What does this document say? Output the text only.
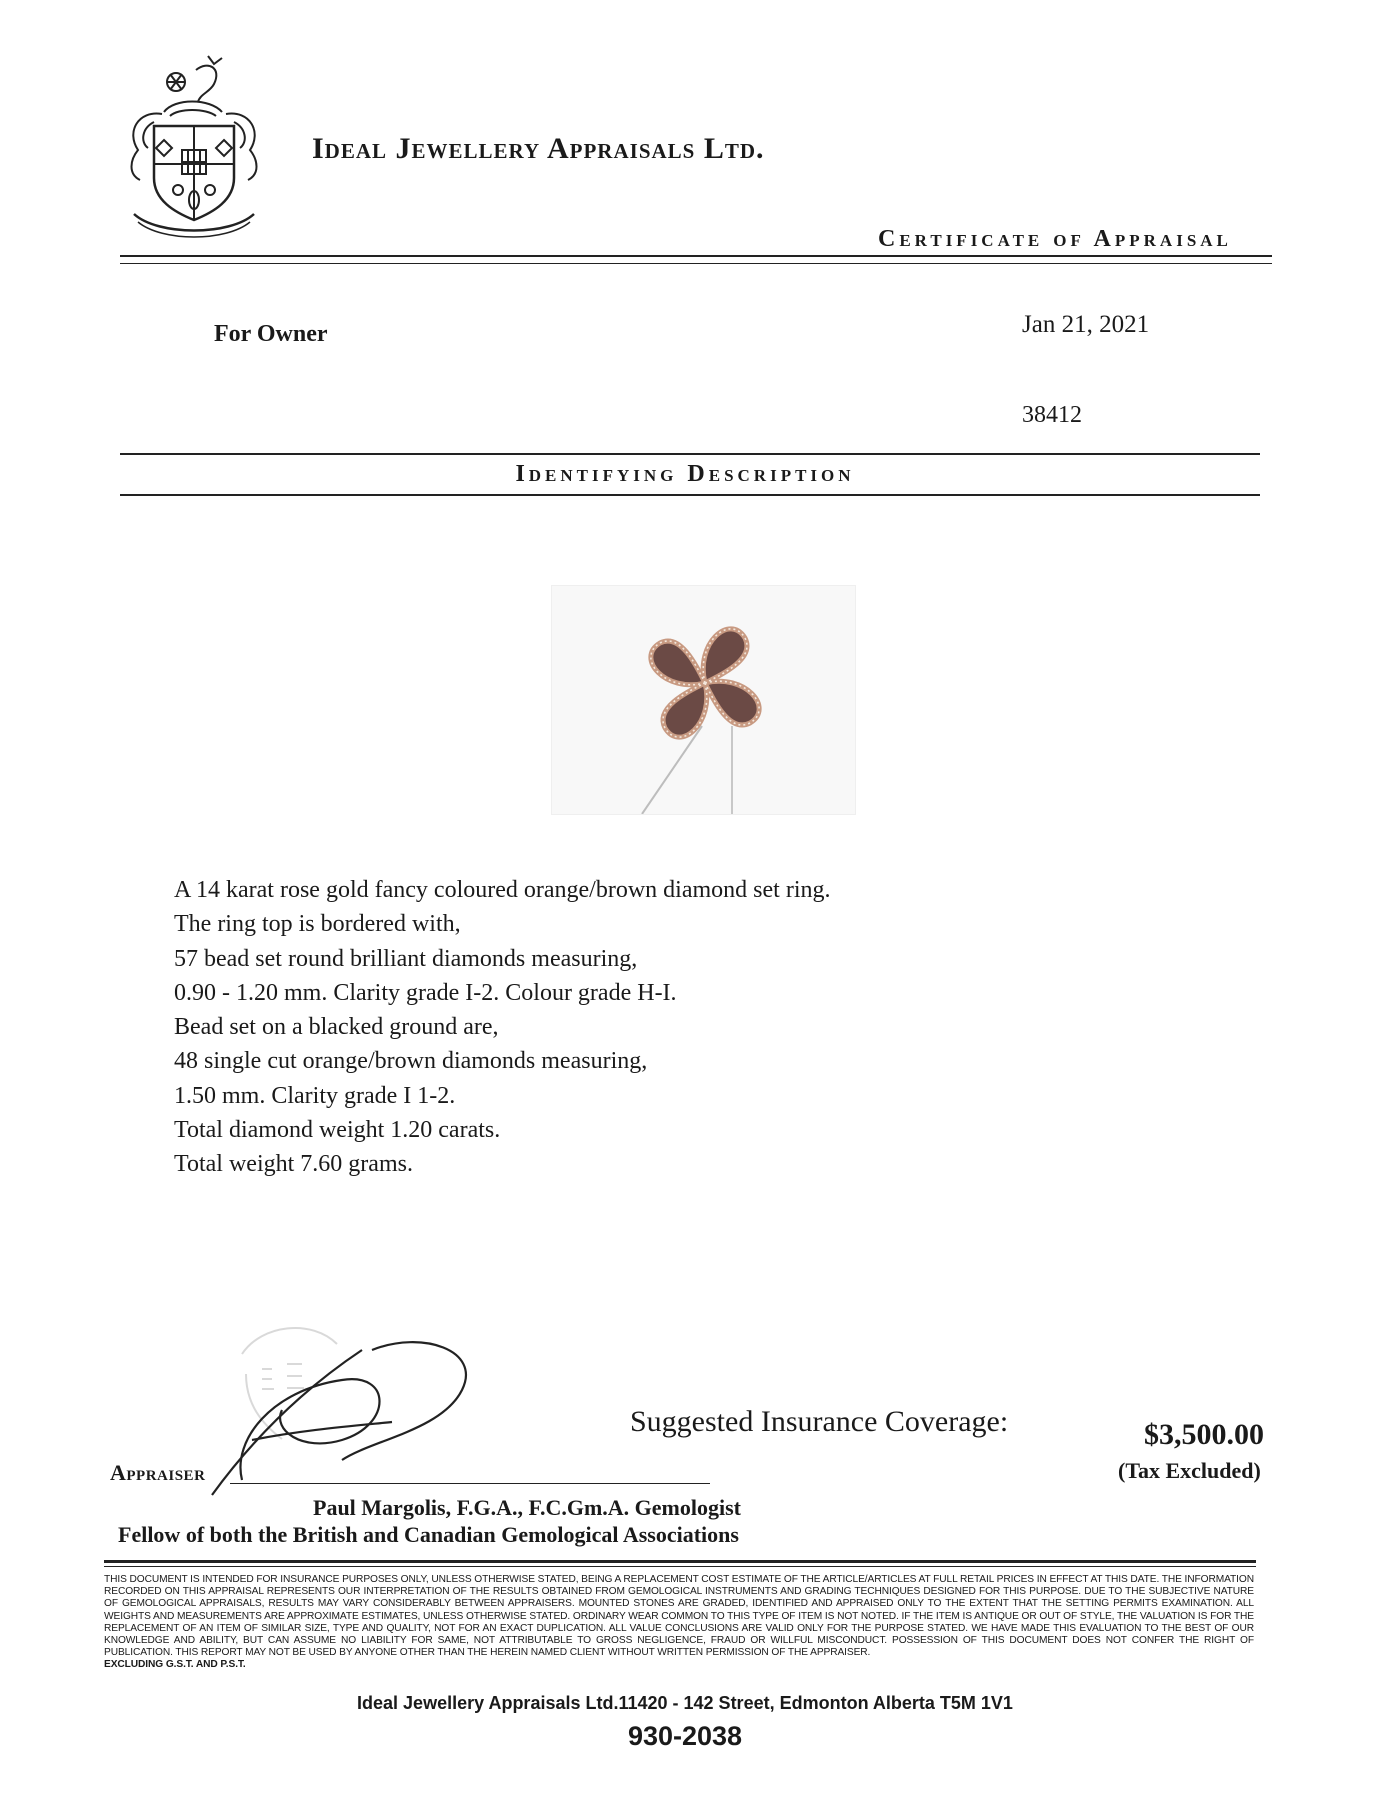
Ideal Jewellery Appraisals Ltd.
Certificate of Appraisal
For Owner	Jan 21, 2021
38412
Identifying Description
A 14 karat rose gold fancy coloured orange/brown diamond set ring.
The ring top is bordered with,
57 bead set round brilliant diamonds measuring,
0.90 - 1.20 mm. Clarity grade I-2. Colour grade H-I.
Bead set on a blacked ground are,
48 single cut orange/brown diamonds measuring,
1.50 mm. Clarity grade I 1-2.
Total diamond weight 1.20 carats.
Total weight 7.60 grams.
Suggested Insurance Coverage:	$3,500.00
(Tax Excluded)
Appraiser
Paul Margolis, F.G.A., F.C.Gm.A. Gemologist
Fellow of both the British and Canadian Gemological Associations
THIS DOCUMENT IS INTENDED FOR INSURANCE PURPOSES ONLY, UNLESS OTHERWISE STATED, BEING A REPLACEMENT COST ESTIMATE OF THE ARTICLE/ARTICLES AT FULL RETAIL PRICES IN EFFECT AT THIS DATE. THE INFORMATION RECORDED ON THIS APPRAISAL REPRESENTS OUR INTERPRETATION OF THE RESULTS OBTAINED FROM GEMOLOGICAL INSTRUMENTS AND GRADING TECHNIQUES DESIGNED FOR THIS PURPOSE. DUE TO THE SUBJECTIVE NATURE OF GEMOLOGICAL APPRAISALS, RESULTS MAY VARY CONSIDERABLY BETWEEN APPRAISERS. MOUNTED STONES ARE GRADED, IDENTIFIED AND APPRAISED ONLY TO THE EXTENT THAT THE SETTING PERMITS EXAMINATION. ALL WEIGHTS AND MEASUREMENTS ARE APPROXIMATE ESTIMATES, UNLESS OTHERWISE STATED. ORDINARY WEAR COMMON TO THIS TYPE OF ITEM IS NOT NOTED. IF THE ITEM IS ANTIQUE OR OUT OF STYLE, THE VALUATION IS FOR THE REPLACEMENT OF AN ITEM OF SIMILAR SIZE, TYPE AND QUALITY, NOT FOR AN EXACT DUPLICATION. ALL VALUE CONCLUSIONS ARE VALID ONLY FOR THE PURPOSE STATED. WE HAVE MADE THIS EVALUATION TO THE BEST OF OUR KNOWLEDGE AND ABILITY, BUT CAN ASSUME NO LIABILITY FOR SAME, NOT ATTRIBUTABLE TO GROSS NEGLIGENCE, FRAUD OR WILLFUL MISCONDUCT. POSSESSION OF THIS DOCUMENT DOES NOT CONFER THE RIGHT OF PUBLICATION. THIS REPORT MAY NOT BE USED BY ANYONE OTHER THAN THE HEREIN NAMED CLIENT WITHOUT WRITTEN PERMISSION OF THE APPRAISER.
EXCLUDING G.S.T. AND P.S.T.
Ideal Jewellery Appraisals Ltd.11420 - 142 Street, Edmonton Alberta T5M 1V1
930-2038
